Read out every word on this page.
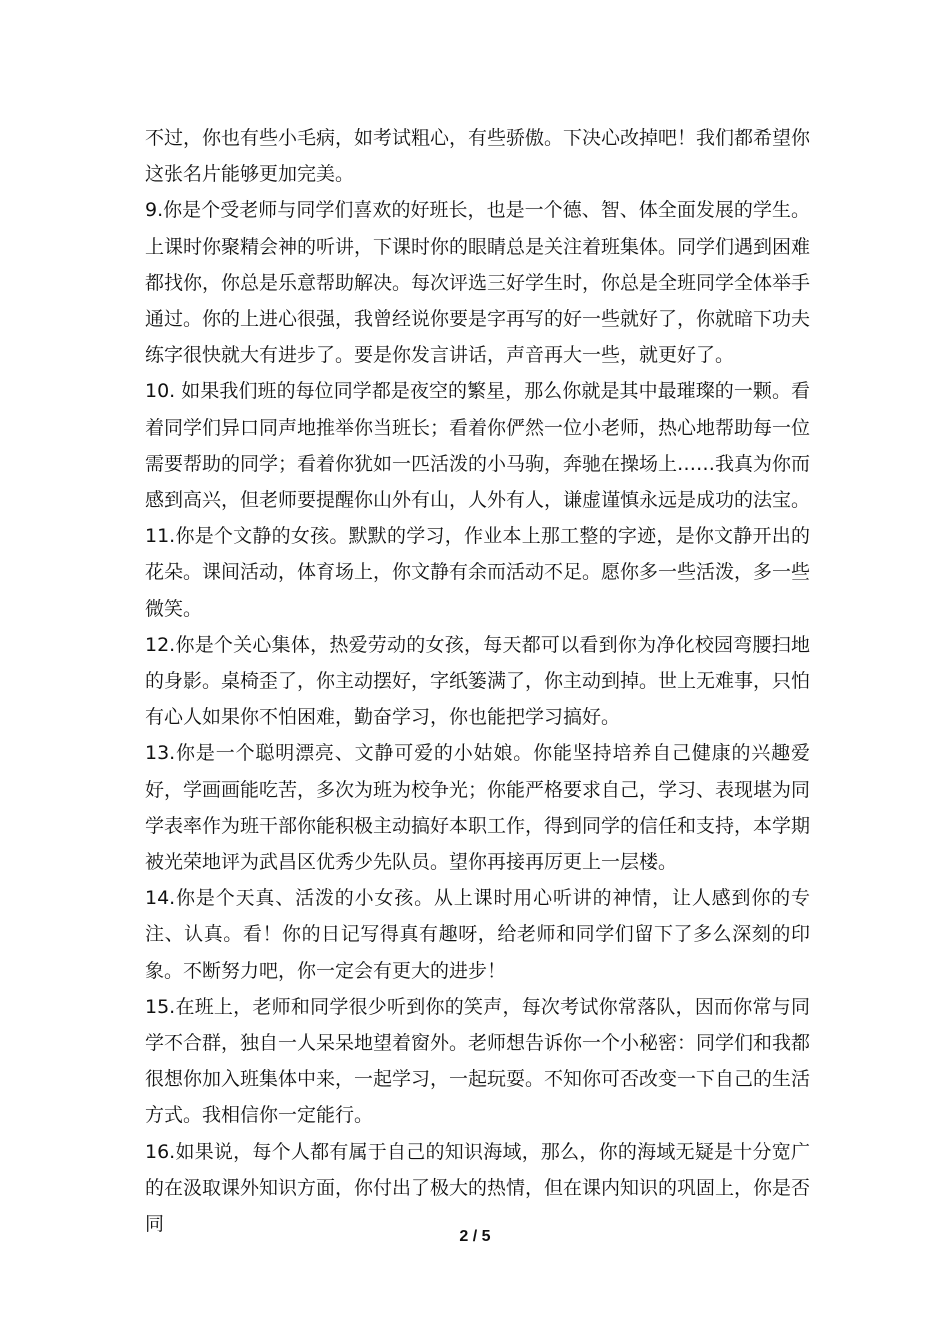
不过，你也有些小毛病，如考试粗心，有些骄傲。下决心改掉吧！我们都希望你这张名片能够更加完美。

9.你是个受老师与同学们喜欢的好班长，也是一个德、智、体全面发展的学生。上课时你聚精会神的听讲，下课时你的眼睛总是关注着班集体。同学们遇到困难都找你，你总是乐意帮助解决。每次评选三好学生时，你总是全班同学全体举手通过。你的上进心很强，我曾经说你要是字再写的好一些就好了，你就暗下功夫练字很快就大有进步了。要是你发言讲话，声音再大一些，就更好了。

10. 如果我们班的每位同学都是夜空的繁星，那么你就是其中最璀璨的一颗。看着同学们异口同声地推举你当班长；看着你俨然一位小老师，热心地帮助每一位需要帮助的同学；看着你犹如一匹活泼的小马驹，奔驰在操场上……我真为你而感到高兴，但老师要提醒你山外有山，人外有人，谦虚谨慎永远是成功的法宝。

11.你是个文静的女孩。默默的学习，作业本上那工整的字迹，是你文静开出的花朵。课间活动，体育场上，你文静有余而活动不足。愿你多一些活泼，多一些微笑。

12.你是个关心集体，热爱劳动的女孩，每天都可以看到你为净化校园弯腰扫地的身影。桌椅歪了，你主动摆好，字纸篓满了，你主动到掉。世上无难事，只怕有心人如果你不怕困难，勤奋学习，你也能把学习搞好。

13.你是一个聪明漂亮、文静可爱的小姑娘。你能坚持培养自己健康的兴趣爱好，学画画能吃苦，多次为班为校争光；你能严格要求自己，学习、表现堪为同学表率作为班干部你能积极主动搞好本职工作，得到同学的信任和支持，本学期被光荣地评为武昌区优秀少先队员。望你再接再厉更上一层楼。

14.你是个天真、活泼的小女孩。从上课时用心听讲的神情，让人感到你的专注、认真。看！你的日记写得真有趣呀，给老师和同学们留下了多么深刻的印象。不断努力吧，你一定会有更大的进步！

15.在班上，老师和同学很少听到你的笑声，每次考试你常落队，因而你常与同学不合群，独自一人呆呆地望着窗外。老师想告诉你一个小秘密：同学们和我都很想你加入班集体中来，一起学习，一起玩耍。不知你可否改变一下自己的生活方式。我相信你一定能行。

16.如果说，每个人都有属于自己的知识海域，那么，你的海域无疑是十分宽广的在汲取课外知识方面，你付出了极大的热情，但在课内知识的巩固上，你是否同

2 / 5
